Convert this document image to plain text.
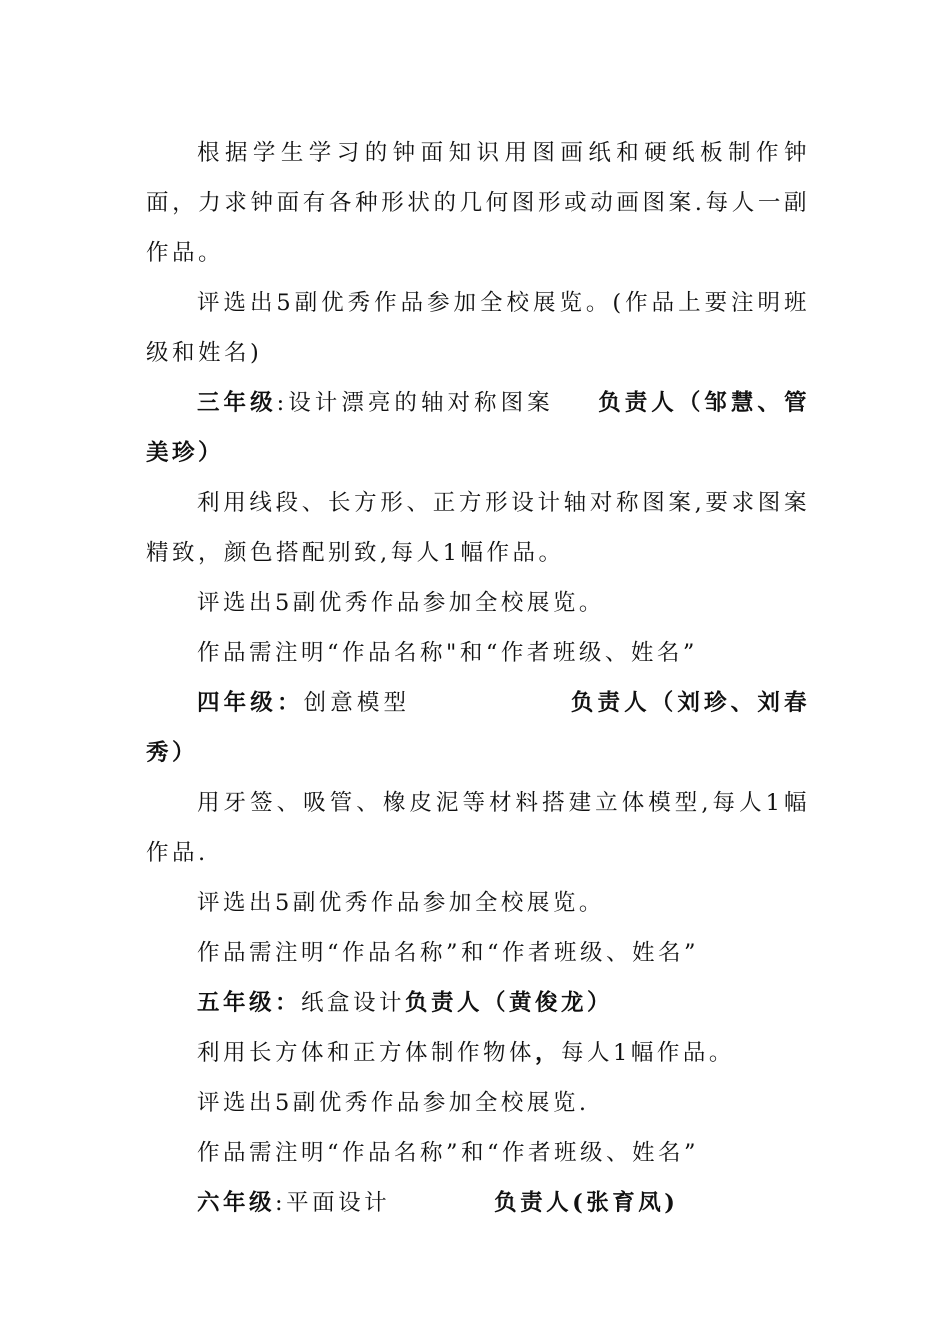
根据学生学习的钟面知识用图画纸和硬纸板制作钟面，力求钟面有各种形状的几何图形或动画图案.每人一副作品。

评选出5副优秀作品参加全校展览。(作品上要注明班级和姓名)

三年级:设计漂亮的轴对称图案 负责人（邹慧、管美珍）

利用线段、长方形、正方形设计轴对称图案,要求图案精致，颜色搭配别致,每人1幅作品。

评选出5副优秀作品参加全校展览。

作品需注明“作品名称"和“作者班级、姓名”

四年级：创意模型	负责人（刘珍、刘春秀）

用牙签、吸管、橡皮泥等材料搭建立体模型,每人1幅作品.

评选出5副优秀作品参加全校展览。

作品需注明“作品名称”和“作者班级、姓名”

五年级：纸盒设计负责人（黄俊龙）

利用长方体和正方体制作物体，每人1幅作品。

评选出5副优秀作品参加全校展览.

作品需注明“作品名称”和“作者班级、姓名”

六年级:平面设计	负责人(张育凤)
